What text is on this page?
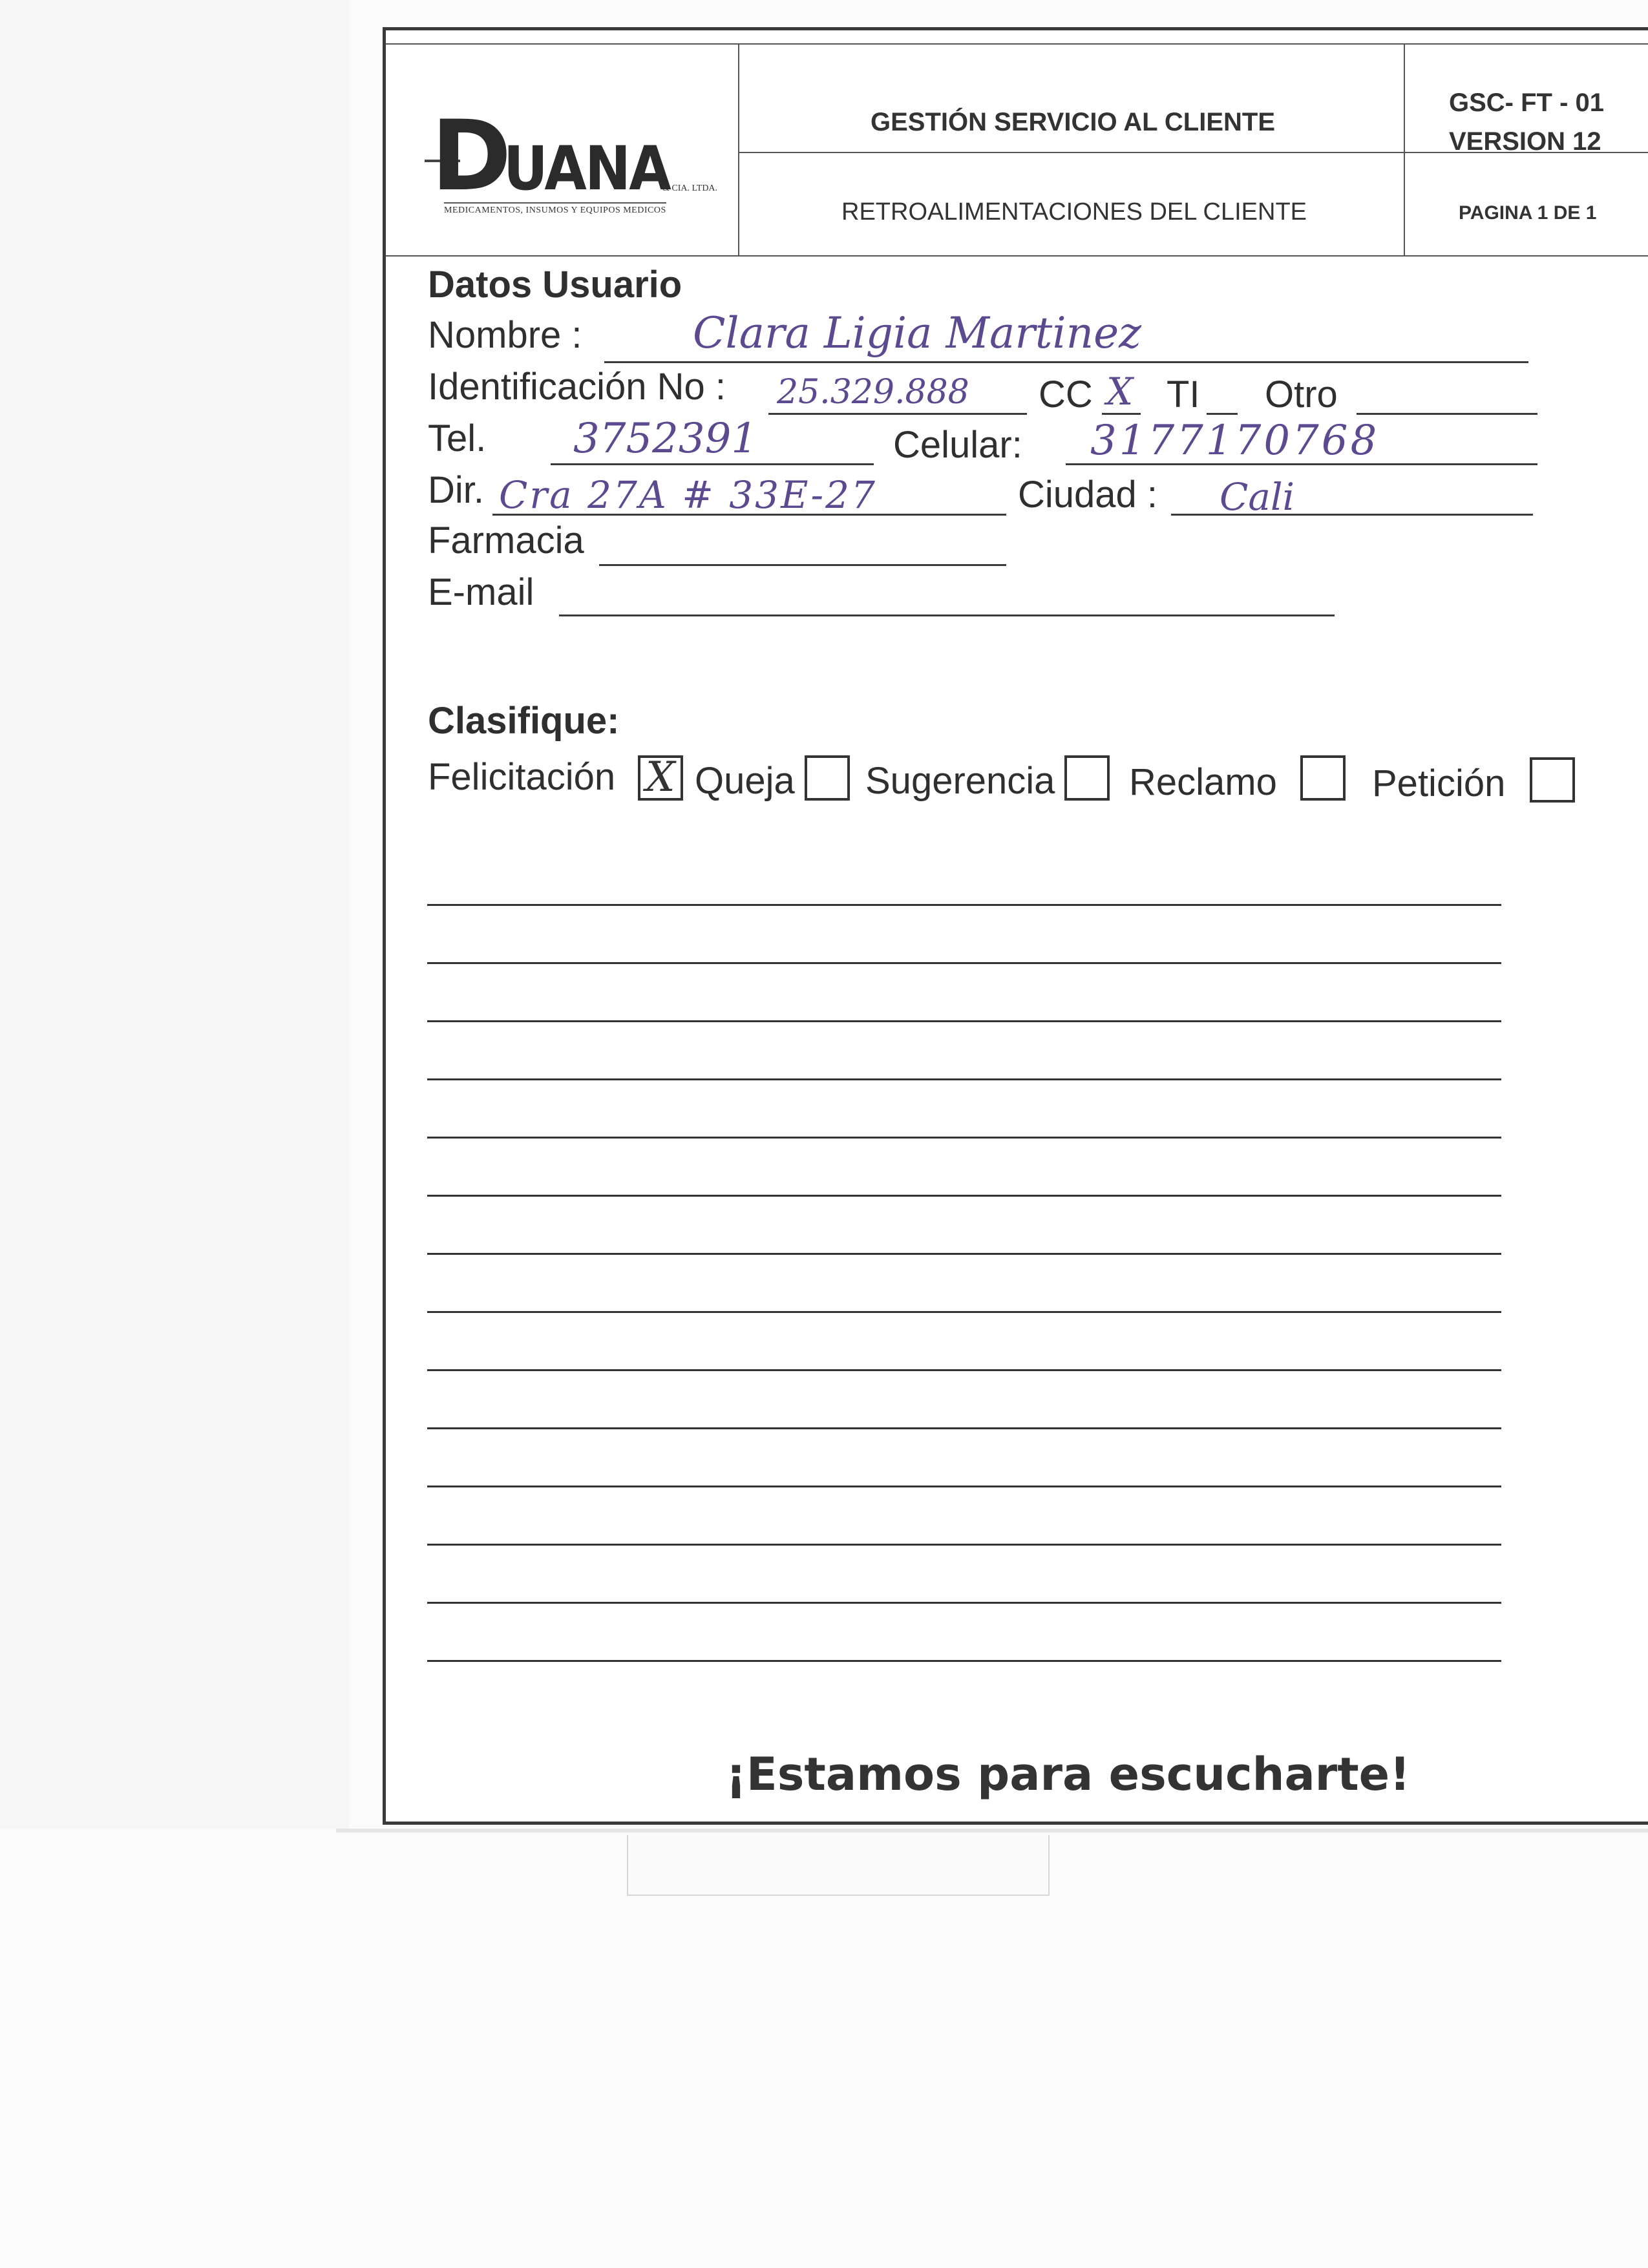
D
UANA
& CIA. LTDA.
MEDICAMENTOS, INSUMOS Y EQUIPOS MEDICOS
GESTIÓN SERVICIO AL CLIENTE
RETROALIMENTACIONES DEL CLIENTE
GSC- FT - 01
VERSION 12
PAGINA 1 DE 1
Datos Usuario
Nombre :	Clara Ligia Martinez
Identificación No : 25.329.888 CC X TI Otro
Tel. 3752391	Celular: 3177170768
Dir. Cra 27A # 33E-27	Ciudad : Cali
Farmacia
E-mail
Clasifique:
Felicitación X Queja Sugerencia Reclamo	Petición
¡Estamos para escucharte!
